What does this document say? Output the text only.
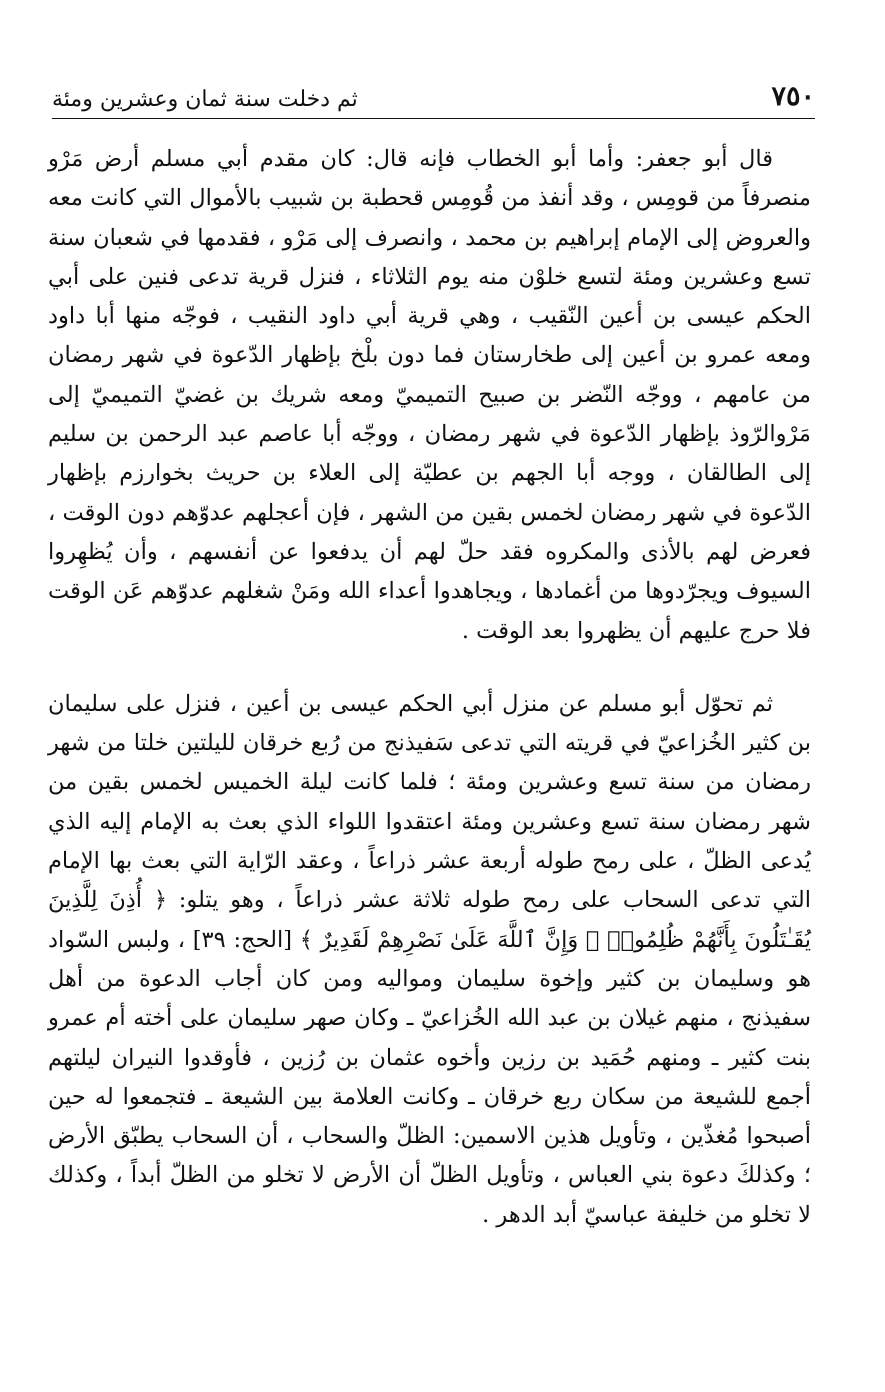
٧٥٠
ثم دخلت سنة ثمان وعشرين ومئة

قال أبو جعفر: وأما أبو الخطاب فإنه قال: كان مقدم أبي مسلم أرض مَرْو منصرفاً من قومِس ، وقد أنفذ من قُومِس قحطبة بن شبيب بالأموال التي كانت معه والعروض إلى الإمام إبراهيم بن محمد ، وانصرف إلى مَرْو ، فقدمها في شعبان سنة تسع وعشرين ومئة لتسع خلوْن منه يوم الثلاثاء ، فنزل قرية تدعى فنين على أبي الحكم عيسى بن أعين النّقيب ، وهي قرية أبي داود النقيب ، فوجّه منها أبا داود ومعه عمرو بن أعين إلى طخارستان فما دون بلْخ بإظهار الدّعوة في شهر رمضان من عامهم ، ووجّه النّضر بن صبيح التميميّ ومعه شريك بن غضيّ التميميّ إلى مَرْوالرّوذ بإظهار الدّعوة في شهر رمضان ، ووجّه أبا عاصم عبد الرحمن بن سليم إلى الطالقان ، ووجه أبا الجهم بن عطيّة إلى العلاء بن حريث بخوارزم بإظهار الدّعوة في شهر رمضان لخمس بقين من الشهر ، فإن أعجلهم عدوّهم دون الوقت ، فعرض لهم بالأذى والمكروه فقد حلّ لهم أن يدفعوا عن أنفسهم ، وأن يُظهِروا السيوف ويجرّدوها من أغمادها ، ويجاهدوا أعداء الله ومَنْ شغلهم عدوّهم عَن الوقت فلا حرج عليهم أن يظهروا بعد الوقت .

ثم تحوّل أبو مسلم عن منزل أبي الحكم عيسى بن أعين ، فنزل على سليمان بن كثير الخُزاعيّ في قريته التي تدعى سَفيذنج من رُبع خرقان لليلتين خلتا من شهر رمضان من سنة تسع وعشرين ومئة ؛ فلما كانت ليلة الخميس لخمس بقين من شهر رمضان سنة تسع وعشرين ومئة اعتقدوا اللواء الذي بعث به الإمام إليه الذي يُدعى الظلّ ، على رمح طوله أربعة عشر ذراعاً ، وعقد الرّاية التي بعث بها الإمام التي تدعى السحاب على رمح طوله ثلاثة عشر ذراعاً ، وهو يتلو: ﴿ أُذِنَ لِلَّذِينَ يُقَـٰتَلُونَ بِأَنَّهُمْ ظُلِمُوا۟ ۚ وَإِنَّ ٱللَّهَ عَلَىٰ نَصْرِهِمْ لَقَدِيرٌ ﴾ [الحج: ٣٩] ، ولبس السّواد هو وسليمان بن كثير وإخوة سليمان ومواليه ومن كان أجاب الدعوة من أهل سفيذنج ، منهم غيلان بن عبد الله الخُزاعيّ ـ وكان صهر سليمان على أخته أم عمرو بنت كثير ـ ومنهم حُمَيد بن رزين وأخوه عثمان بن رُزين ، فأوقدوا النيران ليلتهم أجمع للشيعة من سكان ربع خرقان ـ وكانت العلامة بين الشيعة ـ فتجمعوا له حين أصبحوا مُغذّين ، وتأويل هذين الاسمين: الظلّ والسحاب ، أن السحاب يطبّق الأرض ؛ وكذلكَ دعوة بني العباس ، وتأويل الظلّ أن الأرض لا تخلو من الظلّ أبداً ، وكذلك لا تخلو من خليفة عباسيّ أبد الدهر .
